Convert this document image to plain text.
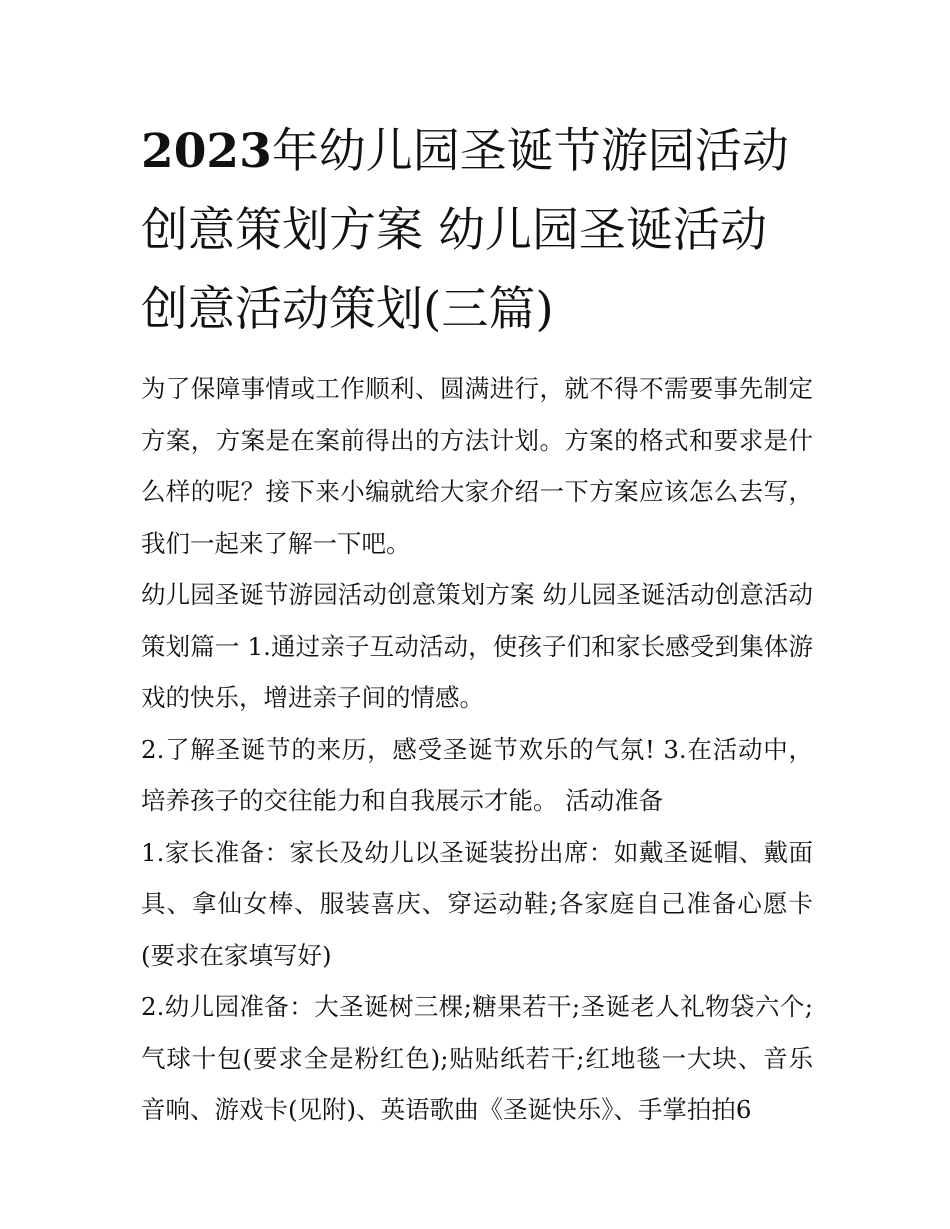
2023年幼儿园圣诞节游园活动创意策划方案 幼儿园圣诞活动创意活动策划(三篇)

为了保障事情或工作顺利、圆满进行，就不得不需要事先制定方案，方案是在案前得出的方法计划。方案的格式和要求是什么样的呢？接下来小编就给大家介绍一下方案应该怎么去写，我们一起来了解一下吧。

幼儿园圣诞节游园活动创意策划方案 幼儿园圣诞活动创意活动策划篇一 1.通过亲子互动活动，使孩子们和家长感受到集体游戏的快乐，增进亲子间的情感。

2.了解圣诞节的来历，感受圣诞节欢乐的气氛! 3.在活动中，培养孩子的交往能力和自我展示才能。 活动准备

1.家长准备：家长及幼儿以圣诞装扮出席：如戴圣诞帽、戴面具、拿仙女棒、服装喜庆、穿运动鞋;各家庭自己准备心愿卡(要求在家填写好)

2.幼儿园准备：大圣诞树三棵;糖果若干;圣诞老人礼物袋六个;气球十包(要求全是粉红色);贴贴纸若干;红地毯一大块、音乐音响、游戏卡(见附)、英语歌曲《圣诞快乐》、手掌拍拍6
